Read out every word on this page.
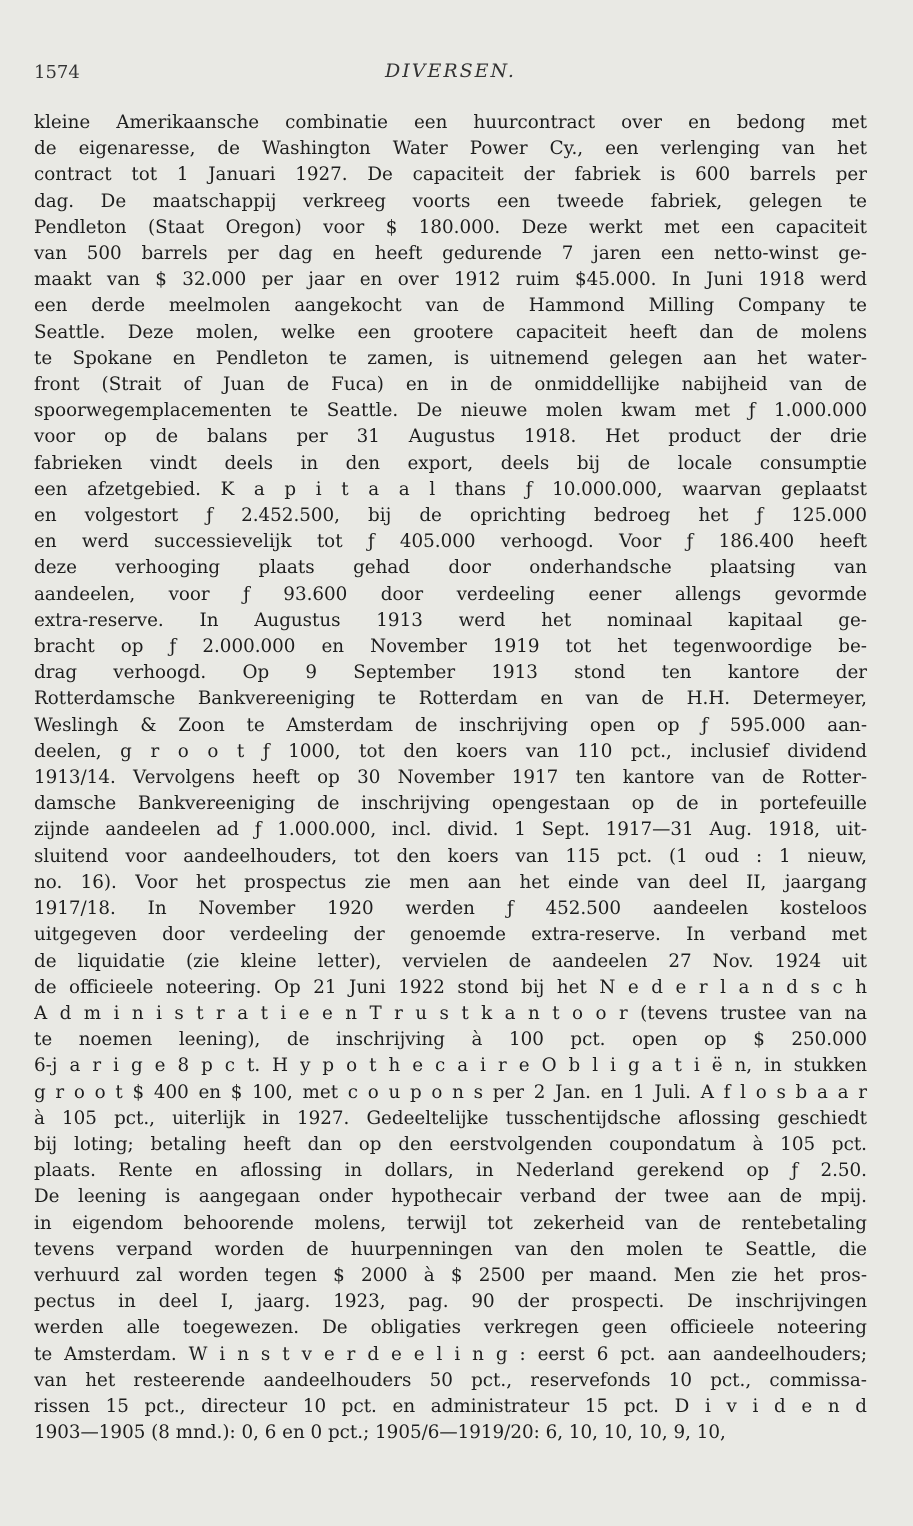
1574	DIVERSEN.
kleine Amerikaansche combinatie een huurcontract over en bedong met
de eigenaresse, de Washington Water Power Cy., een verlenging van het
contract tot 1 Januari 1927. De capaciteit der fabriek is 600 barrels per
dag. De maatschappij verkreeg voorts een tweede fabriek, gelegen te
Pendleton (Staat Oregon) voor $ 180.000. Deze werkt met een capaciteit
van 500 barrels per dag en heeft gedurende 7 jaren een netto-winst ge-
maakt van $ 32.000 per jaar en over 1912 ruim $45.000. In Juni 1918 werd
een derde meelmolen aangekocht van de Hammond Milling Company te
Seattle. Deze molen, welke een grootere capaciteit heeft dan de molens
te Spokane en Pendleton te zamen, is uitnemend gelegen aan het water-
front (Strait of Juan de Fuca) en in de onmiddellijke nabijheid van de
spoorwegemplacementen te Seattle. De nieuwe molen kwam met ƒ 1.000.000
voor op de balans per 31 Augustus 1918. Het product der drie
fabrieken vindt deels in den export, deels bij de locale consumptie
een afzetgebied. K a p i t a a l thans ƒ 10.000.000, waarvan geplaatst
en volgestort ƒ 2.452.500, bij de oprichting bedroeg het ƒ 125.000
en werd successievelijk tot ƒ 405.000 verhoogd. Voor ƒ 186.400 heeft
deze verhooging plaats gehad door onderhandsche plaatsing van
aandeelen, voor ƒ 93.600 door verdeeling eener allengs gevormde
extra-reserve. In Augustus 1913 werd het nominaal kapitaal ge-
bracht op ƒ 2.000.000 en November 1919 tot het tegenwoordige be-
drag verhoogd. Op 9 September 1913 stond ten kantore der
Rotterdamsche Bankvereeniging te Rotterdam en van de H.H. Determeyer,
Weslingh & Zoon te Amsterdam de inschrijving open op ƒ 595.000 aan-
deelen, g r o o t ƒ 1000, tot den koers van 110 pct., inclusief dividend
1913/14. Vervolgens heeft op 30 November 1917 ten kantore van de Rotter-
damsche Bankvereeniging de inschrijving opengestaan op de in portefeuille
zijnde aandeelen ad ƒ 1.000.000, incl. divid. 1 Sept. 1917—31 Aug. 1918, uit-
sluitend voor aandeelhouders, tot den koers van 115 pct. (1 oud : 1 nieuw,
no. 16). Voor het prospectus zie men aan het einde van deel II, jaargang
1917/18. In November 1920 werden ƒ 452.500 aandeelen kosteloos
uitgegeven door verdeeling der genoemde extra-reserve. In verband met
de liquidatie (zie kleine letter), vervielen de aandeelen 27 Nov. 1924 uit
de officieele noteering. Op 21 Juni 1922 stond bij het N e d e r l a n d s c h
A d m i n i s t r a t i e e n T r u s t k a n t o o r (tevens trustee van na
te noemen leening), de inschrijving à 100 pct. open op $ 250.000
6-j a r i g e 8 p c t. H y p o t h e c a i r e O b l i g a t i ë n, in stukken
g r o o t $ 400 en $ 100, met c o u p o n s per 2 Jan. en 1 Juli. A f l o s b a a r
à 105 pct., uiterlijk in 1927. Gedeeltelijke tusschentijdsche aflossing geschiedt
bij loting; betaling heeft dan op den eerstvolgenden coupondatum à 105 pct.
plaats. Rente en aflossing in dollars, in Nederland gerekend op ƒ 2.50.
De leening is aangegaan onder hypothecair verband der twee aan de mpij.
in eigendom behoorende molens, terwijl tot zekerheid van de rentebetaling
tevens verpand worden de huurpenningen van den molen te Seattle, die
verhuurd zal worden tegen $ 2000 à $ 2500 per maand. Men zie het pros-
pectus in deel I, jaarg. 1923, pag. 90 der prospecti. De inschrijvingen
werden alle toegewezen. De obligaties verkregen geen officieele noteering
te Amsterdam. W i n s t v e r d e e l i n g : eerst 6 pct. aan aandeelhouders;
van het resteerende aandeelhouders 50 pct., reservefonds 10 pct., commissa-
rissen 15 pct., directeur 10 pct. en administrateur 15 pct. D i v i d e n d
1903—1905 (8 mnd.): 0, 6 en 0 pct.; 1905/6—1919/20: 6, 10, 10, 10, 9, 10,
